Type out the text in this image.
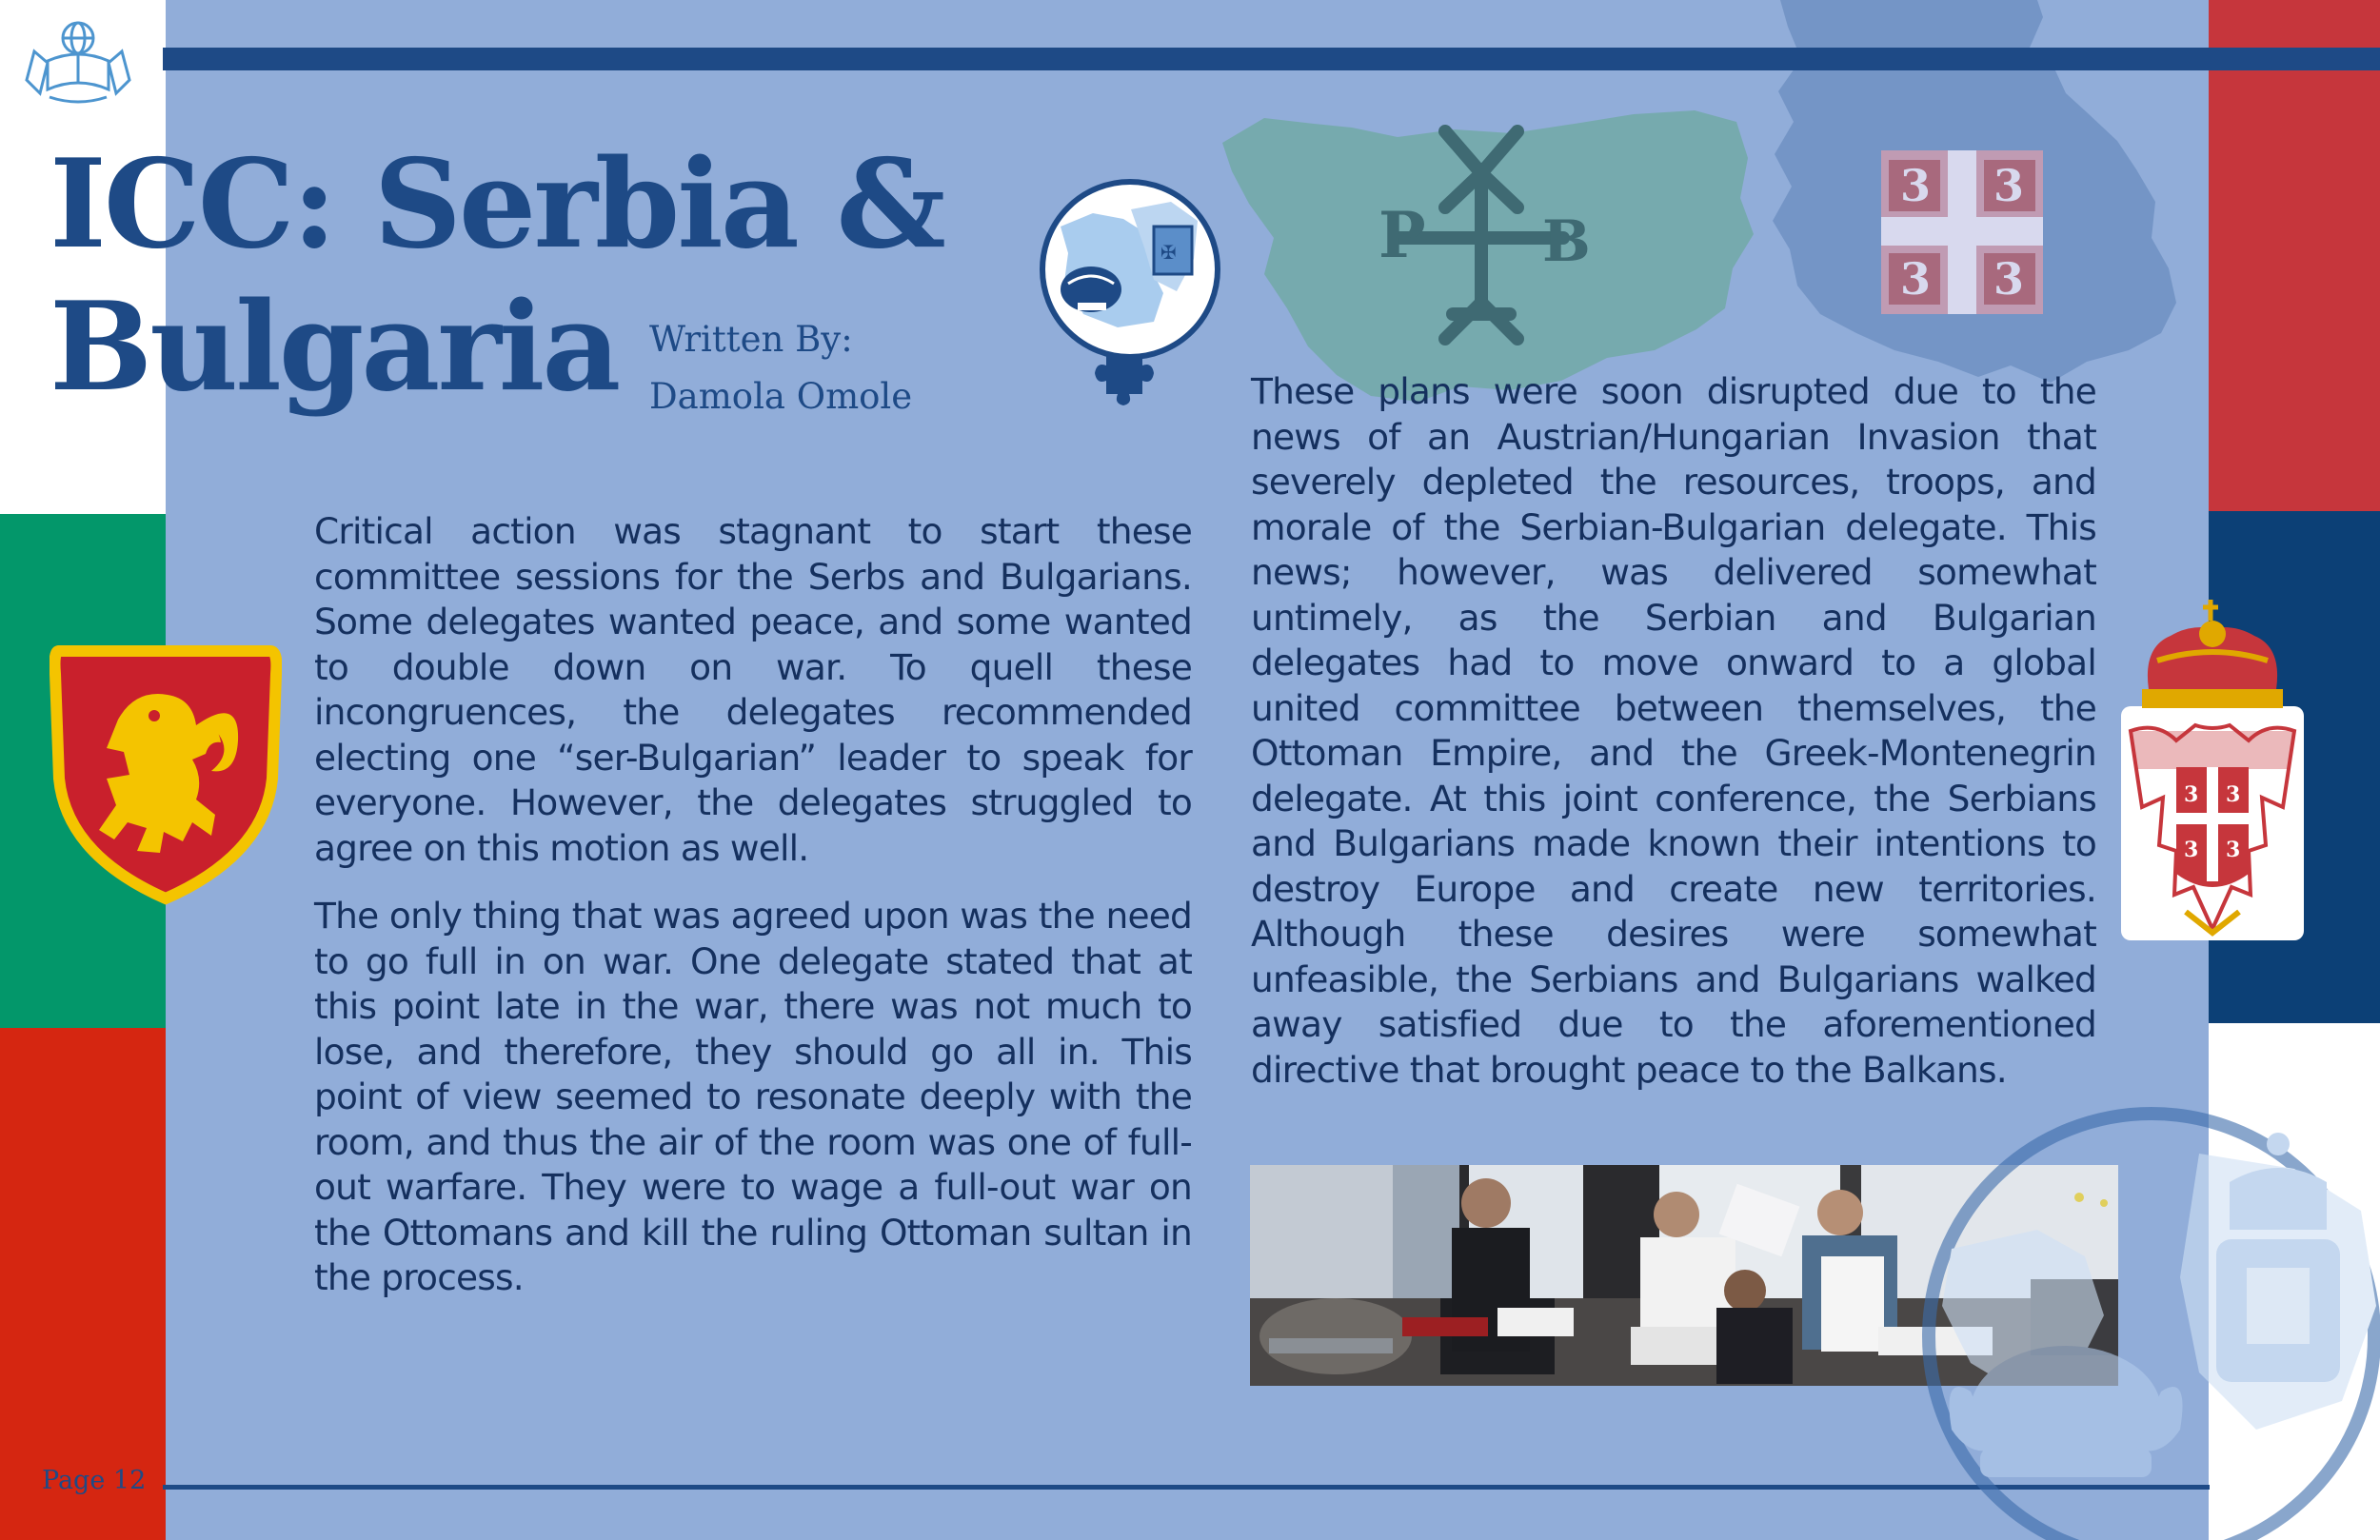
P B
3 3
3 3
ICC: Serbia &
Bulgaria Written By:
Damola Omole
✠
3 3
3 3

Critical action was stagnant to start these committee sessions for the Serbs and Bulgarians. Some delegates wanted peace, and some wanted to double down on war. To quell these incongruences, the delegates recommended electing one “ser-Bulgarian” leader to speak for everyone. However, the delegates struggled to agree on this motion as well.

The only thing that was agreed upon was the need to go full in on war. One delegate stated that at this point late in the war, there was not much to lose, and therefore, they should go all in. This point of view seemed to resonate deeply with the room, and thus the air of the room was one of full-out warfare. They were to wage a full-out war on the Ottomans and kill the ruling Ottoman sultan in the process.

These plans were soon disrupted due to the news of an Austrian/Hungarian Invasion that severely depleted the resources, troops, and morale of the Serbian-Bulgarian delegate. This news; however, was delivered somewhat untimely, as the Serbian and Bulgarian delegates had to move onward to a global united committee between themselves, the Ottoman Empire, and the Greek-Montenegrin delegate. At this joint conference, the Serbians and Bulgarians made known their intentions to destroy Europe and create new territories. Although these desires were somewhat unfeasible, the Serbians and Bulgarians walked away satisfied due to the aforementioned directive that brought peace to the Balkans.

Page 12
